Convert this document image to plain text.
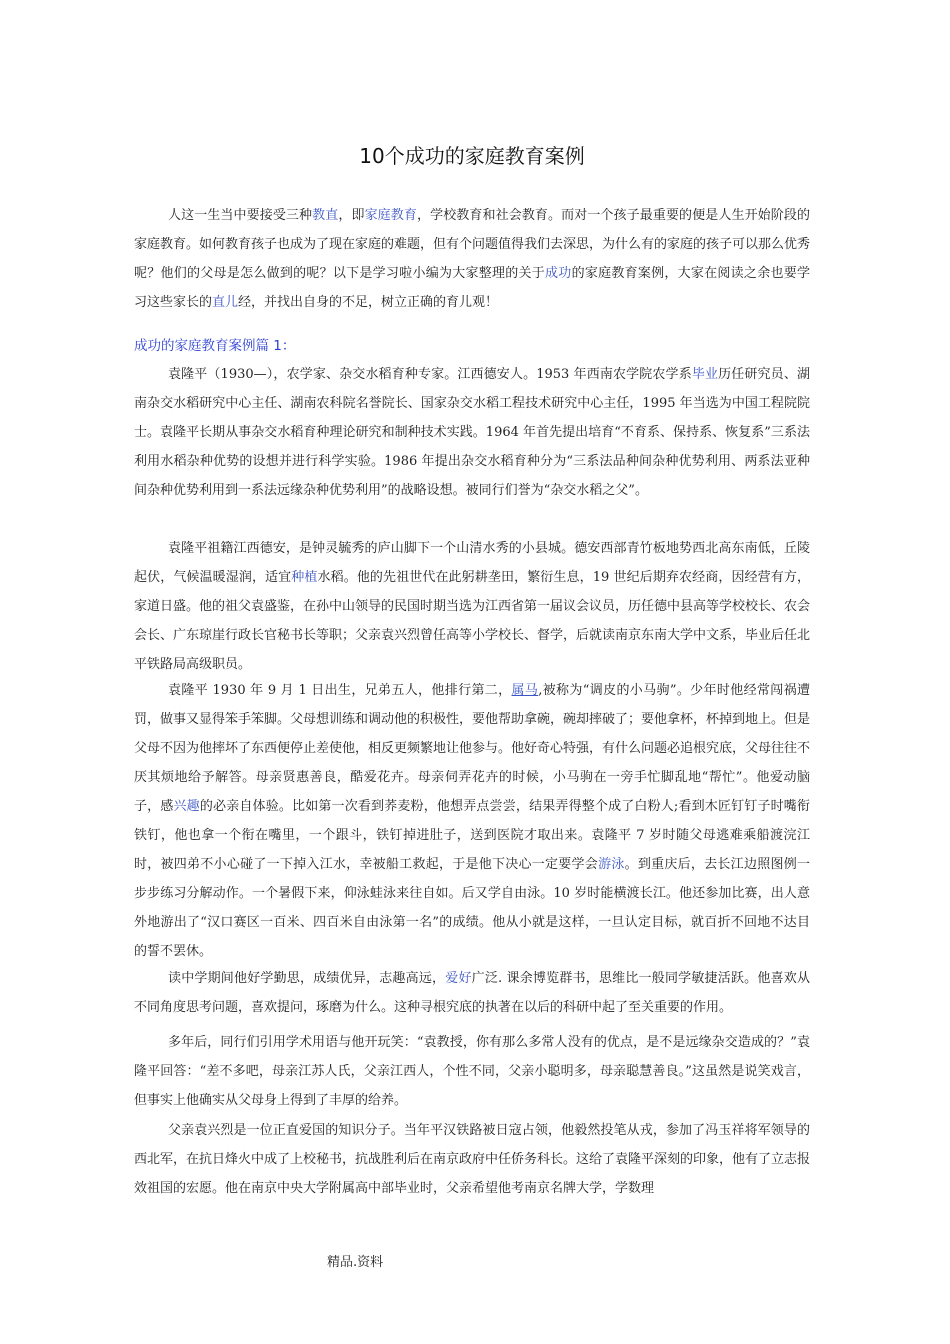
10个成功的家庭教育案例

人这一生当中要接受三种教直，即家庭教育，学校教育和社会教育。而对一个孩子最重要的便是人生开始阶段的家庭教育。如何教育孩子也成为了现在家庭的难题，但有个问题值得我们去深思，为什么有的家庭的孩子可以那么优秀呢？他们的父母是怎么做到的呢？以下是学习啦小编为大家整理的关于成功的家庭教育案例，大家在阅读之余也要学习这些家长的直儿经，并找出自身的不足，树立正确的育儿观！

成功的家庭教育案例篇 1：

袁隆平（1930—），农学家、杂交水稻育种专家。江西德安人。1953 年西南农学院农学系毕业历任研究员、湖南杂交水稻研究中心主任、湖南农科院名誉院长、国家杂交水稻工程技术研究中心主任，1995 年当选为中国工程院院士。袁隆平长期从事杂交水稻育种理论研究和制种技术实践。1964 年首先提出培育“不育系、保持系、恢复系”三系法利用水稻杂种优势的设想并进行科学实验。1986 年提出杂交水稻育种分为“三系法品种间杂种优势利用、两系法亚种间杂种优势利用到一系法远缘杂种优势利用”的战略设想。被同行们誉为“杂交水稻之父”。

袁隆平祖籍江西德安，是钟灵毓秀的庐山脚下一个山清水秀的小县城。德安西部青竹板地势西北高东南低，丘陵起伏，气候温暖湿润，适宜种植水稻。他的先祖世代在此躬耕垄田，繁衍生息，19 世纪后期弃农经商，因经营有方，家道日盛。他的祖父袁盛鉴，在孙中山领导的民国时期当选为江西省第一届议会议员，历任德中县高等学校校长、农会会长、广东琼崖行政长官秘书长等职；父亲袁兴烈曾任高等小学校长、督学，后就读南京东南大学中文系，毕业后任北平铁路局高级职员。

袁隆平 1930 年 9 月 1 日出生，兄弟五人，他排行第二，属马,被称为“调皮的小马驹”。少年时他经常闯祸遭罚，做事又显得笨手笨脚。父母想训练和调动他的积极性，要他帮助拿碗，碗却摔破了；要他拿杯，杯掉到地上。但是父母不因为他摔坏了东西便停止差使他，相反更频繁地让他参与。他好奇心特强，有什么问题必追根究底，父母往往不厌其烦地给予解答。母亲贤惠善良，酷爱花卉。母亲伺弄花卉的时候，小马驹在一旁手忙脚乱地“帮忙”。他爱动脑子，感兴趣的必亲自体验。比如第一次看到荞麦粉，他想弄点尝尝，结果弄得整个成了白粉人;看到木匠钉钉子时嘴衔铁钉，他也拿一个衔在嘴里，一个跟斗，铁钉掉进肚子，送到医院才取出来。袁隆平 7 岁时随父母逃难乘船渡浣江时，被四弟不小心碰了一下掉入江水，幸被船工救起，于是他下决心一定要学会游泳。到重庆后，去长江边照图例一步步练习分解动作。一个暑假下来，仰泳蛙泳来往自如。后又学自由泳。10 岁时能横渡长江。他还参加比赛，出人意外地游出了“汉口赛区一百米、四百米自由泳第一名”的成绩。他从小就是这样，一旦认定目标，就百折不回地不达目的誓不罢休。

读中学期间他好学勤思，成绩优异，志趣高远，爱好广泛. 课余博览群书，思维比一般同学敏捷活跃。他喜欢从不同角度思考问题，喜欢提问，琢磨为什么。这种寻根究底的执著在以后的科研中起了至关重要的作用。

多年后，同行们引用学术用语与他开玩笑：“袁教授，你有那么多常人没有的优点，是不是远缘杂交造成的？”袁隆平回答：“差不多吧，母亲江苏人氏，父亲江西人，个性不同，父亲小聪明多，母亲聪慧善良。”这虽然是说笑戏言，但事实上他确实从父母身上得到了丰厚的给养。

父亲袁兴烈是一位正直爱国的知识分子。当年平汉铁路被日寇占领，他毅然投笔从戎，参加了冯玉祥将军领导的西北军，在抗日烽火中成了上校秘书，抗战胜利后在南京政府中任侨务科长。这给了袁隆平深刻的印象，他有了立志报效祖国的宏愿。他在南京中央大学附属高中部毕业时，父亲希望他考南京名牌大学，学数理

精品.资料
